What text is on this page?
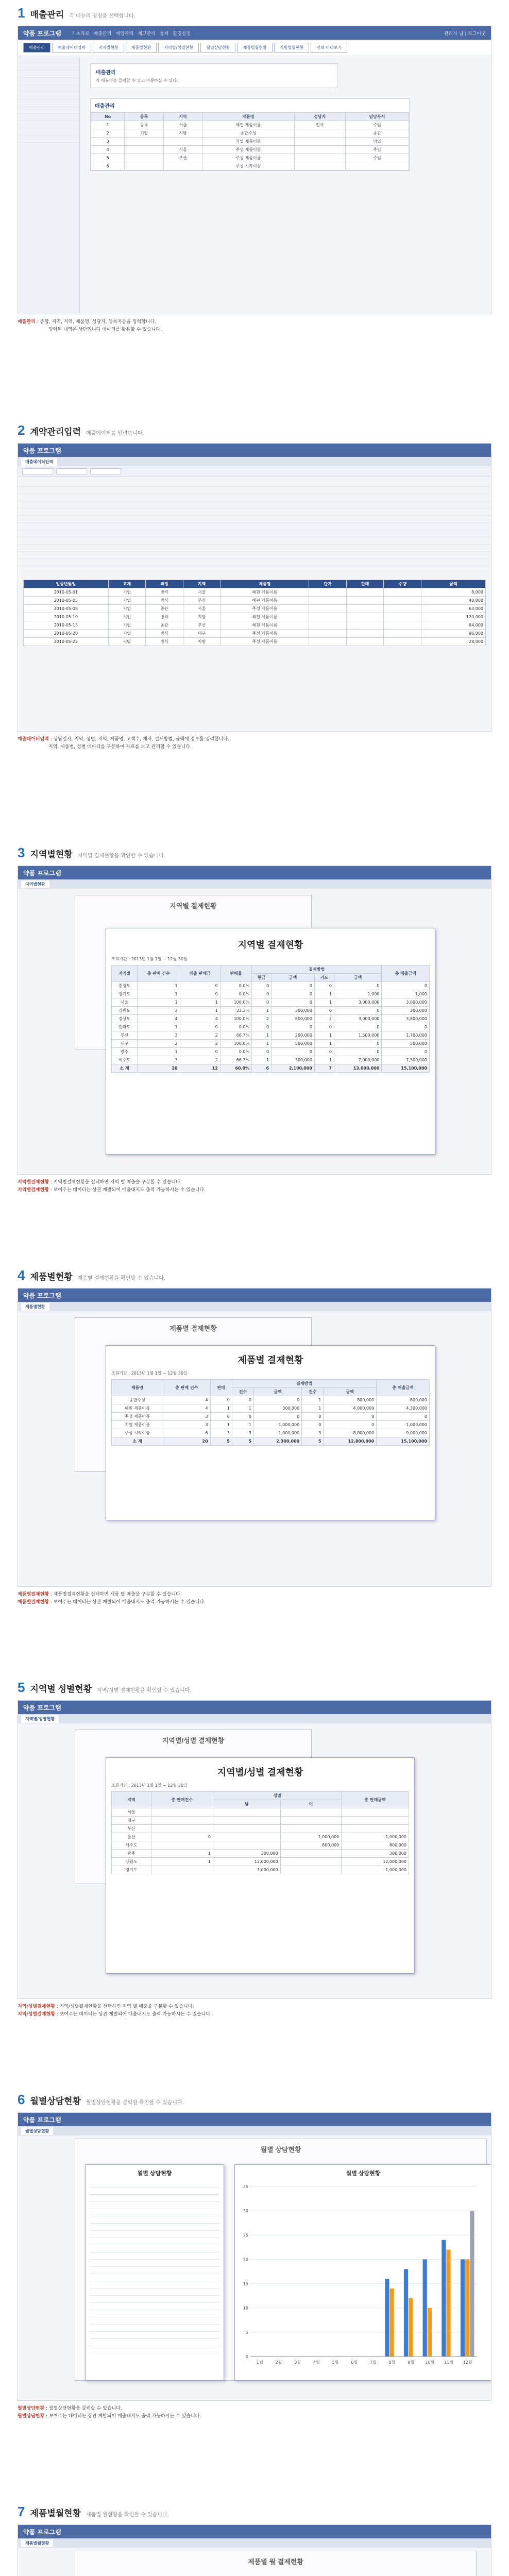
1 매출관리 각 메뉴의 명칭을 선택합니다.
약품 프로그램 기초자료 매출관리 매입관리 재고관리 통계 환경설정	관리자 님 | 로그아웃
매출관리	매출데이터입력	지역별현황	제품별현황	지역별/성별현황	월별상담현황	제품별월현황	직원별월현황	인쇄 미리보기
매출관리
각 메뉴명을 클릭할 수 있고 이동하실 수 있다.
매출관리
No	등록	지역	제품명	성당자	담당부서
1	등록	서울	헤핀 제품이름	입사	주임
2	기업	지방	종합주성		종관
3			기업 제품이름		영업
4		서울	주성 제품이름		주임
5		부산	주성 제품이름		주임
6			주성 시작이상		
매출관리 : 종합, 지역, 지역, 제품명, 성당자, 등록자등을 입력합니다.
입력된 내역은 상단입니다 데이터를 활용할 수 있습니다.
2 계약관리입력 매출데이터를 입력합니다.
약품 프로그램
매출데이터입력
일상년월일	교재	과정	지역	제품명	단가	판매	수량	금액
2010-05-01	기업	방식	서울	헤핀 제품이름				8,000
2010-05-05	기업	방식	부산	헤핀 제품이름				40,000
2010-05-08	기업	종관	서울	주성 제품이름				63,000
2010-05-10	기업	방식	지방	헤핀 제품이름				120,000
2010-05-15	기업	종관	부산	헤핀 제품이름				84,000
2010-05-20	기업	방식	대구	주성 제품이름				96,000
2010-05-25	지방	방식	지방	주성 제품이름				28,000
매출데이터입력 : 상담일자, 지역, 성별, 지역, 제품명, 고객수, 채자, 결제방법, 금액에 정보를 입력합니다.
지역, 제품별, 성별 데이터를 구분하여 자료를 보고 관리할 수 있습니다.
3 지역별현황 지역별 결제현황을 확인할 수 있습니다.
약품 프로그램
지역별현황
지역별 결제현황
지역별 결제현황
조회기간 : 2013년 1월 1일 ~ 12월 30일
지역별	총 판매 건수	매출 판매금	판매율	결제방법				총 매출금액
				현금	금액	카드	금액	
충청도	1	0	0.0%	0	0	0	0	0
경기도	1	0	0.0%	0	0	1	1,000	1,000
서울	1	1	100.0%	0	0	1	3,000,000	3,000,000
강원도	3	1	33.3%	1	300,000	0	0	300,000
경상도	4	4	100.0%	2	800,000	2	3,000,000	3,800,000
전라도	1	0	0.0%	0	0	0	0	0
부산	3	2	66.7%	1	200,000	1	1,500,000	1,700,000
대구	2	2	100.0%	1	500,000	1	0	500,000
광주	1	0	0.0%	0	0	0	0	0
제주도	3	2	66.7%	1	300,000	1	7,000,000	7,300,000
소 계	20	12	60.0%	6	2,100,000	7	13,000,000	15,100,000
지역별결제현황 : 지역별결제현황을 선택하면 지역 별 매출을 구분할 수 있습니다.
지역별결제현황 : 보여주는 데이터는 상관 게발되어 매출내지도 출력 가능하시는 수 있습니다.
4 제품별현황 제품별 결제현황을 확인할 수 있습니다.
약품 프로그램
제품별현황
제품별 결제현황
제품별 결제현황
조회기간 : 2013년 1월 1일 ~ 12월 30일
제품명	총 판매 건수	판매	결제방법				총 매출금액
			건수	금액	건수	금액	
종합주성	4	0	0	0	1	800,000	800,000
헤핀 제품이름	4	1	1	300,000	1	4,000,000	4,300,000
주성 제품이름	3	0	0	0	0	0	0
기업 제품이름	3	1	1	1,000,000	0	0	1,000,000
주성 시작이상	6	3	3	1,000,000	3	8,000,000	9,000,000
소 계	20	5	5	2,300,000	5	12,800,000	15,100,000
제품별결제현황 : 제품별결제현황을 선택하면 제품 별 매출을 구분할 수 있습니다.
제품별결제현황 : 보여주는 데이터는 상관 게발되어 매출내지도 출력 가능하시는 수 있습니다.
5 지역별 성별현황 지역/성별 결제현황을 확인할 수 있습니다.
약품 프로그램
지역별/성별현황
지역별/성별 결제현황
지역별/성별 결제현황
조회기간 : 2013년 1월 1일 ~ 12월 30일
지역	총 판매건수	성별		총 판매금액
		남	여	
서울				
대구				
부산				
울산	0		1,000,000	1,000,000
제주도			800,000	800,000
광주	1	300,000		300,000
강원도	1	12,000,000		12,000,000
경기도		1,000,000		1,000,000
지역/성별결제현황 : 지역/성별결제현황을 선택하면 지역 별 매출을 구분할 수 있습니다.
지역/성별결제현황 : 보여주는 데이터는 상관 게발되어 매출내지도 출력 가능하시는 수 있습니다.
6 월별상담현황 월별상담현황을 클릭할 확인할 수 있습니다.
약품 프로그램
월별상담현황
월별 상담현황
월별 상담현황	월별 상담현황
35
30
25
20
15
10
5
0
1월	2월	3월	4월	5월	6월	7월	8월	9월	10월 11월 12월
월별상담현황 : 월별상담현황을 클릭할 수 있습니다.
월별상담현황 : 보여주는 데이터는 상관 게발되어 매출내지도 출력 가능하시는 수 있습니다.
7 제품별월현황 제품별 월현황을 확인할 수 있습니다.
약품 프로그램
제품별월현황
제품별 월 결제현황
